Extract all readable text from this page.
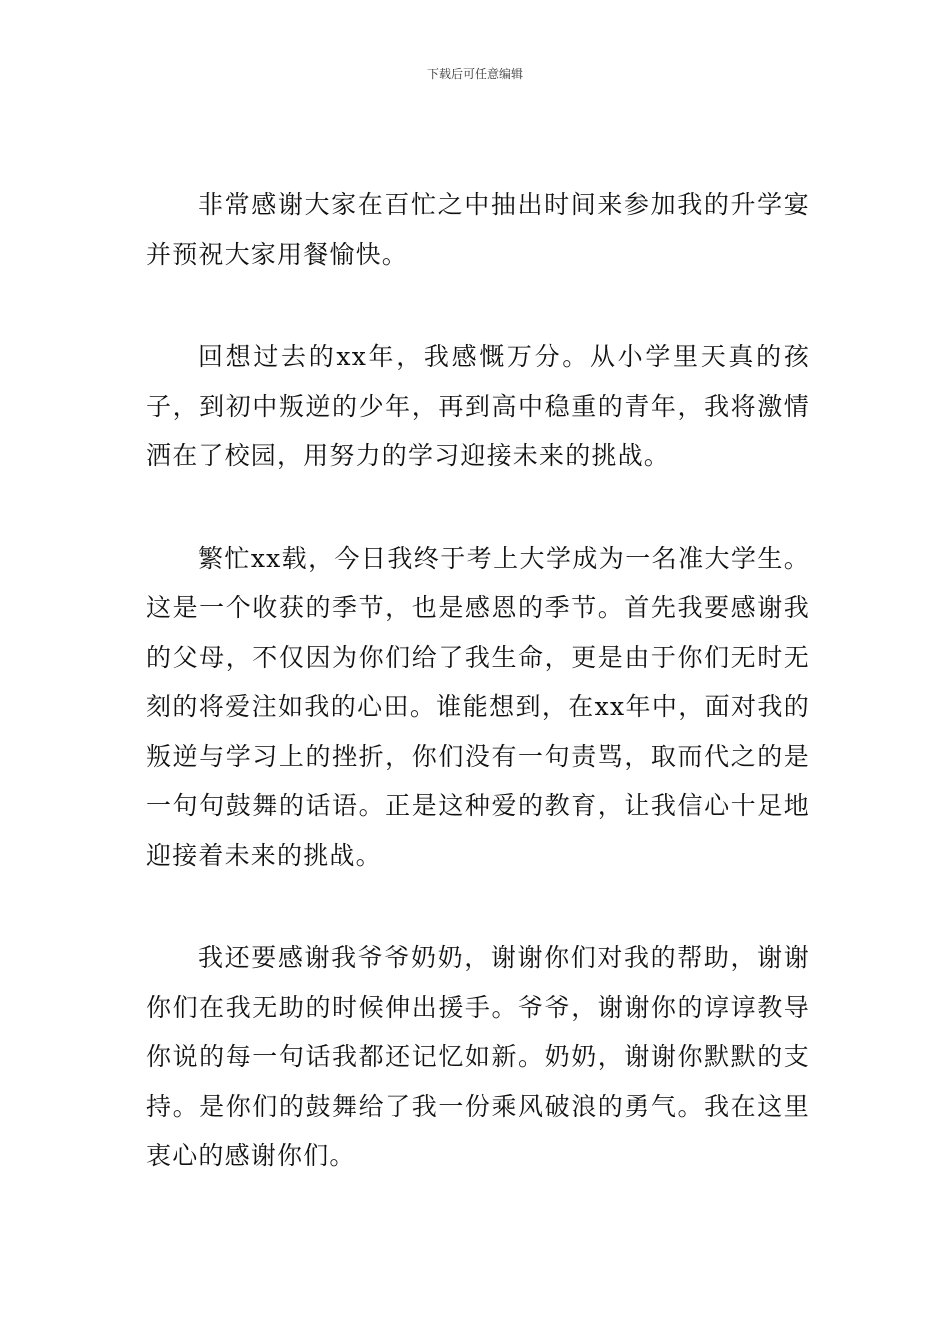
下载后可任意编辑

非常感谢大家在百忙之中抽出时间来参加我的升学宴并预祝大家用餐愉快。

回想过去的xx年，我感慨万分。从小学里天真的孩子，到初中叛逆的少年，再到高中稳重的青年，我将激情洒在了校园，用努力的学习迎接未来的挑战。

繁忙xx载，今日我终于考上大学成为一名准大学生。这是一个收获的季节，也是感恩的季节。首先我要感谢我的父母，不仅因为你们给了我生命，更是由于你们无时无刻的将爱注如我的心田。谁能想到，在xx年中，面对我的叛逆与学习上的挫折，你们没有一句责骂，取而代之的是一句句鼓舞的话语。正是这种爱的教育，让我信心十足地迎接着未来的挑战。

我还要感谢我爷爷奶奶，谢谢你们对我的帮助，谢谢你们在我无助的时候伸出援手。爷爷，谢谢你的谆谆教导你说的每一句话我都还记忆如新。奶奶，谢谢你默默的支持。是你们的鼓舞给了我一份乘风破浪的勇气。我在这里衷心的感谢你们。
